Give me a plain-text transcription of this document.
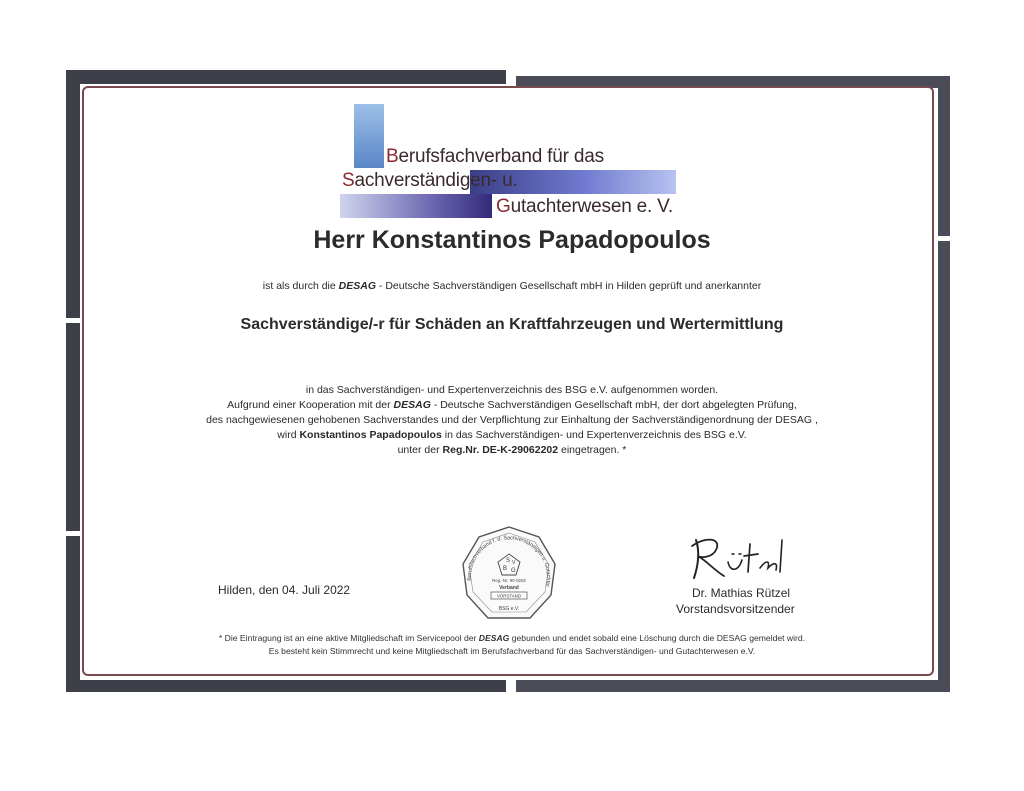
Berufsfachverband für das
Sachverständigen- u.
Gutachterwesen e. V.
Herr Konstantinos Papadopoulos
ist als durch die DESAG - Deutsche Sachverständigen Gesellschaft mbH in Hilden geprüft und anerkannter
Sachverständige/-r für Schäden an Kraftfahrzeugen und Wertermittlung
in das Sachverständigen- und Expertenverzeichnis des BSG e.V. aufgenommen worden.
Aufgrund einer Kooperation mit der DESAG - Deutsche Sachverständigen Gesellschaft mbH, der dort abgelegten Prüfung,
des nachgewiesenen gehobenen Sachverstandes und der Verpflichtung zur Einhaltung der Sachverständigenordnung der DESAG ,
wird Konstantinos Papadopoulos in das Sachverständigen- und Expertenverzeichnis des BSG e.V.
unter der Reg.Nr. DE-K-29062202 eingetragen. *
Hilden, den 04. Juli 2022
Berufsfachverband f. d. Sachverständigen u. Gutachter
S V
B G
Reg.-Nr. 90-0202
Verband
VORSTAND
BSG e.V.
Dr. Mathias Rützel
Vorstandsvorsitzender
* Die Eintragung ist an eine aktive Mitgliedschaft im Servicepool der DESAG gebunden und endet sobald eine Löschung durch die DESAG gemeldet wird.
Es besteht kein Stimmrecht und keine Mitgliedschaft im Berufsfachverband für das Sachverständigen- und Gutachterwesen e.V.
